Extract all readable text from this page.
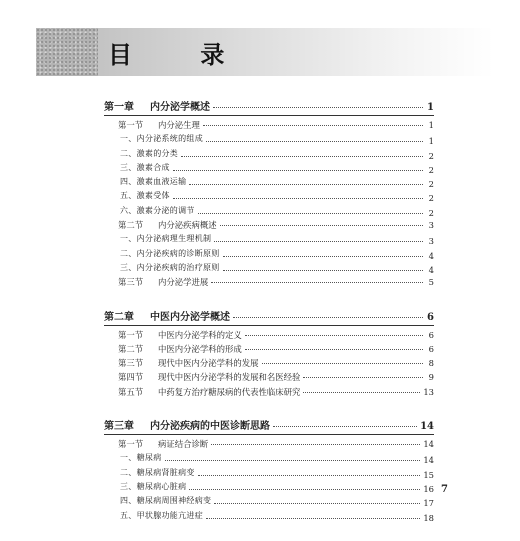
目 录
第一章	内分泌学概述	1
第一节	内分泌生理	1
一、内分泌系统的组成	1
二、激素的分类	2
三、激素合成	2
四、激素血液运输	2
五、激素受体	2
六、激素分泌的调节	2
第二节	内分泌疾病概述	3
一、内分泌病理生理机制	3
二、内分泌疾病的诊断原则	4
三、内分泌疾病的治疗原则	4
第三节	内分泌学进展	5
第二章	中医内分泌学概述	6
第一节	中医内分泌学科的定义	6
第二节	中医内分泌学科的形成	6
第三节	现代中医内分泌学科的发展	8
第四节	现代中医内分泌学科的发展和名医经验	9
第五节	中药复方治疗糖尿病的代表性临床研究	13
第三章	内分泌疾病的中医诊断思路	14
第一节	病证结合诊断	14
一、糖尿病	14
二、糖尿病肾脏病变	15
三、糖尿病心脏病	16
四、糖尿病周围神经病变	17
五、甲状腺功能亢进症	18
7
